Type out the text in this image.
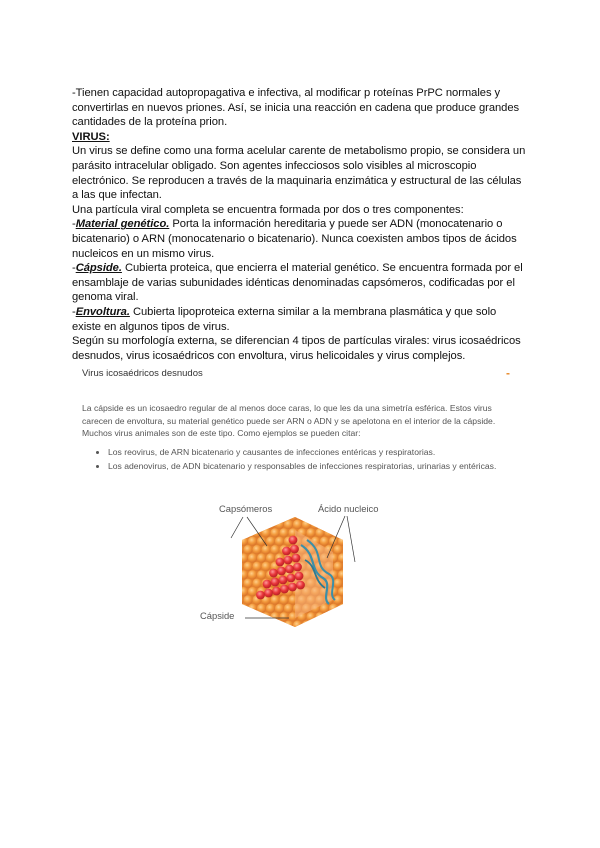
-Tienen capacidad autopropagativa e infectiva, al modificar p roteínas PrPC normales y convertirlas en nuevos priones. Así, se inicia una reacción en cadena que produce grandes cantidades de la proteína prion.

VIRUS:

Un virus se define como una forma acelular carente de metabolismo propio, se considera un parásito intracelular obligado. Son agentes infecciosos solo visibles al microscopio electrónico. Se reproducen a través de la maquinaria enzimática y estructural de las células a las que infectan.

Una partícula viral completa se encuentra formada por dos o tres componentes:

-Material genético. Porta la información hereditaria y puede ser ADN (monocatenario o bicatenario) o ARN (monocatenario o bicatenario). Nunca coexisten ambos tipos de ácidos nucleicos en un mismo virus.

-Cápside. Cubierta proteica, que encierra el material genético. Se encuentra formada por el ensamblaje de varias subunidades idénticas denominadas capsómeros, codificadas por el genoma viral.

-Envoltura. Cubierta lipoproteica externa similar a la membrana plasmática y que solo existe en algunos tipos de virus.

Según su morfología externa, se diferencian 4 tipos de partículas virales: virus icosaédricos desnudos, virus icosaédricos con envoltura, virus helicoidales y virus complejos.

Virus icosaédricos desnudos	-

La cápside es un icosaedro regular de al menos doce caras, lo que les da una simetría esférica. Estos virus carecen de envoltura, su material genético puede ser ARN o ADN y se apelotona en el interior de la cápside. Muchos virus animales son de este tipo. Como ejemplos se pueden citar:

• Los reovirus, de ARN bicatenario y causantes de infecciones entéricas y respiratorias.
• Los adenovirus, de ADN bicatenario y responsables de infecciones respiratorias, urinarias y entéricas.
Capsómeros	Ácido nucleico
Cápside
